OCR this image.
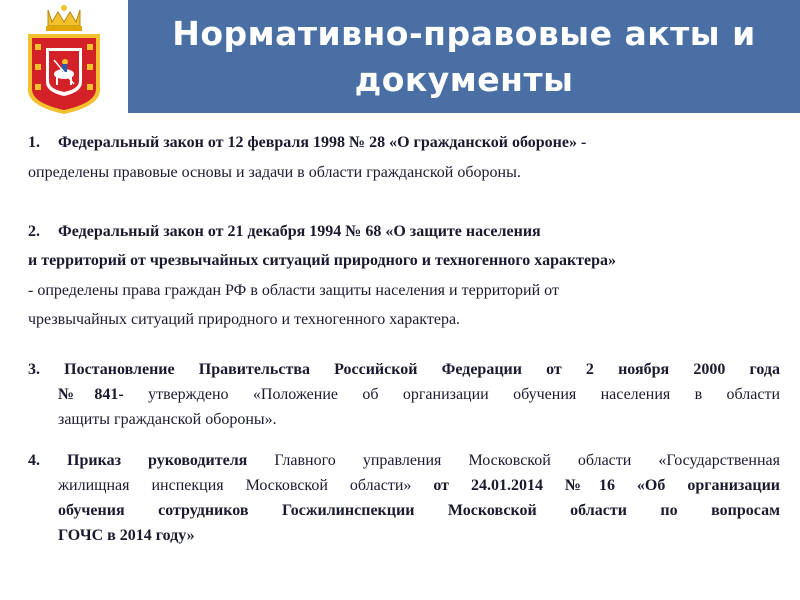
Нормативно-правовые акты и
документы
1. Федеральный закон от 12 февраля 1998 № 28 «О гражданской обороне» -
определены правовые основы и задачи в области гражданской обороны.
2. Федеральный закон от 21 декабря 1994 № 68 «О защите населения
и территорий от чрезвычайных ситуаций природного и техногенного характера»
- определены права граждан РФ в области защиты населения и территорий от
чрезвычайных ситуаций природного и техногенного характера.
3. Постановление Правительства Российской Федерации от 2 ноября 2000 года
№841- утверждено «Положение об организации обучения населения в области
защиты гражданской обороны».
4. Приказ руководителя Главного управления Московской области «Государственная
жилищная инспекция Московской области» от 24.01.2014 №16 «Об организации
обучения сотрудников Госжилинспекции Московской области по вопросам
ГОЧС в 2014 году»
